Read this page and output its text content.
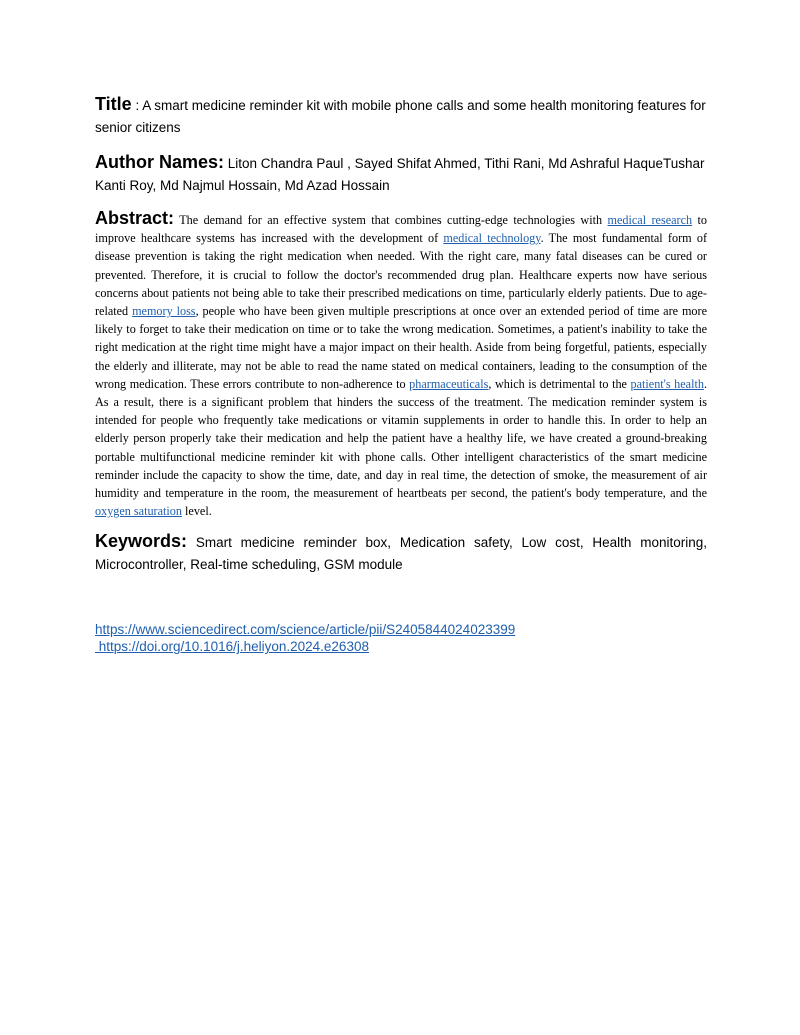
Title : A smart medicine reminder kit with mobile phone calls and some health monitoring features for senior citizens

Author Names: Liton Chandra Paul , Sayed Shifat Ahmed, Tithi Rani, Md Ashraful HaqueTushar Kanti Roy, Md Najmul Hossain, Md Azad Hossain
Abstract: The demand for an effective system that combines cutting-edge technologies with medical research to improve healthcare systems has increased with the development of medical technology. The most fundamental form of disease prevention is taking the right medication when needed. With the right care, many fatal diseases can be cured or prevented. Therefore, it is crucial to follow the doctor's recommended drug plan. Healthcare experts now have serious concerns about patients not being able to take their prescribed medications on time, particularly elderly patients. Due to age-related memory loss, people who have been given multiple prescriptions at once over an extended period of time are more likely to forget to take their medication on time or to take the wrong medication. Sometimes, a patient's inability to take the right medication at the right time might have a major impact on their health. Aside from being forgetful, patients, especially the elderly and illiterate, may not be able to read the name stated on medical containers, leading to the consumption of the wrong medication. These errors contribute to non-adherence to pharmaceuticals, which is detrimental to the patient's health. As a result, there is a significant problem that hinders the success of the treatment. The medication reminder system is intended for people who frequently take medications or vitamin supplements in order to handle this. In order to help an elderly person properly take their medication and help the patient have a healthy life, we have created a ground-breaking portable multifunctional medicine reminder kit with phone calls. Other intelligent characteristics of the smart medicine reminder include the capacity to show the time, date, and day in real time, the detection of smoke, the measurement of air humidity and temperature in the room, the measurement of heartbeats per second, the patient's body temperature, and the oxygen saturation level.
Keywords: Smart medicine reminder box, Medication safety, Low cost, Health monitoring, Microcontroller, Real-time scheduling, GSM module
https://www.sciencedirect.com/science/article/pii/S2405844024023399
https://doi.org/10.1016/j.heliyon.2024.e26308
